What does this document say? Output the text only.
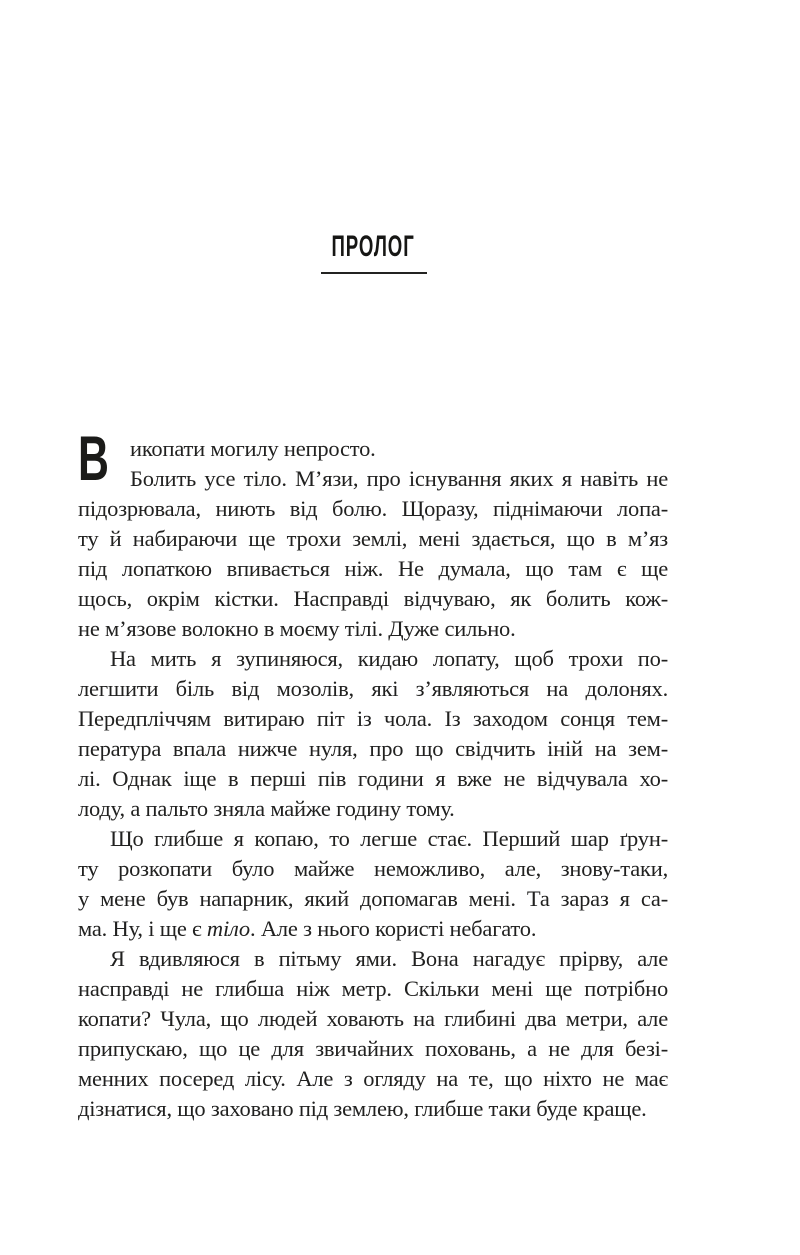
ПРОЛОГ
В икопати могилу непросто.
Болить усе тіло. М’язи, про існування яких я навіть не
підозрювала, ниють від болю. Щоразу, піднімаючи лопа-
ту й набираючи ще трохи землі, мені здається, що в м’яз
під лопаткою впивається ніж. Не думала, що там є ще
щось, окрім кістки. Насправді відчуваю, як болить кож-
не м’язове волокно в моєму тілі. Дуже сильно.
На мить я зупиняюся, кидаю лопату, щоб трохи по-
легшити біль від мозолів, які з’являються на долонях.
Передпліччям витираю піт із чола. Із заходом сонця тем-
пература впала нижче нуля, про що свідчить іній на зем-
лі. Однак іще в перші пів години я вже не відчувала хо-
лоду, а пальто зняла майже годину тому.
Що глибше я копаю, то легше стає. Перший шар ґрун-
ту розкопати було майже неможливо, але, знову-таки,
у мене був напарник, який допомагав мені. Та зараз я са-
ма. Ну, і ще є тіло. Але з нього користі небагато.
Я вдивляюся в пітьму ями. Вона нагадує прірву, але
насправді не глибша ніж метр. Скільки мені ще потрібно
копати? Чула, що людей ховають на глибині два метри, але
припускаю, що це для звичайних поховань, а не для безі-
менних посеред лісу. Але з огляду на те, що ніхто не має
дізнатися, що заховано під землею, глибше таки буде краще.
